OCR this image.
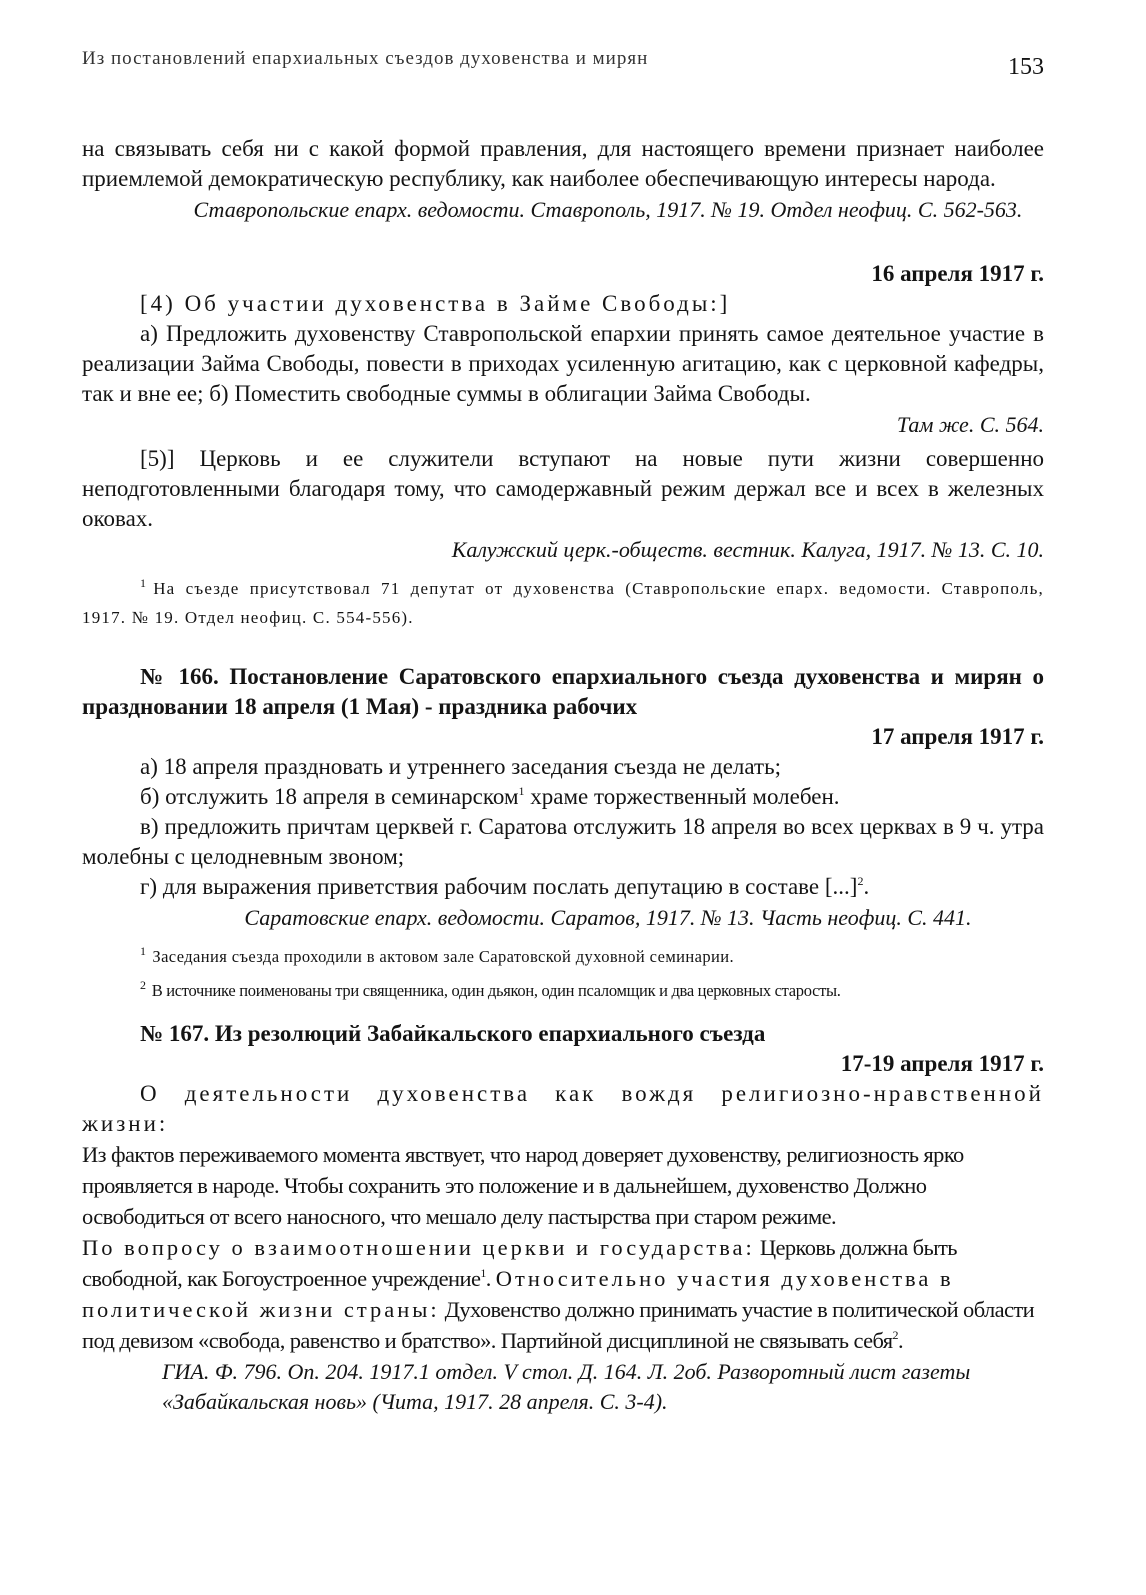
Из постановлений епархиальных съездов духовенства и мирян	153

на связывать себя ни с какой формой правления, для настоящего времени признает наиболее приемлемой демократическую республику, как наиболее обеспечивающую интересы народа.

Ставропольские епарх. ведомости. Ставрополь, 1917. № 19. Отдел неофиц. С. 562-563.
16 апреля 1917 г.

[4) Об участии духовенства в Займе Свободы:]

а) Предложить духовенству Ставропольской епархии принять самое деятельное участие в реализации Займа Свободы, повести в приходах усиленную агитацию, как с церковной кафедры, так и вне ее; б) Поместить свободные суммы в облигации Займа Свободы.

Там же. С. 564.

[5)] Церковь и ее служители вступают на новые пути жизни совершенно неподготовленными благодаря тому, что самодержавный режим держал все и всех в железных оковах.

Калужский церк.-обществ. вестник. Калуга, 1917. № 13. С. 10.
$^1$ На съезде присутствовал 71 депутат от духовенства (Ставропольские епарх. ведомости. Ставрополь, 1917. № 19. Отдел неофиц. С. 554-556).
№ 166. Постановление Саратовского епархиального съезда духовенства и мирян о праздновании 18 апреля (1 Мая) - праздника рабочих
17 апреля 1917 г.

а) 18 апреля праздновать и утреннего заседания съезда не делать;

б) отслужить 18 апреля в семинарском$^1$ храме торжественный молебен.

в) предложить причтам церквей г. Саратова отслужить 18 апреля во всех церквах в 9 ч. утра молебны с целодневным звоном;

г) для выражения приветствия рабочим послать депутацию в составе [...]$^2$.

Саратовские епарх. ведомости. Саратов, 1917. № 13. Часть неофиц. С. 441.
$^1$ Заседания съезда проходили в актовом зале Саратовской духовной семинарии.
$^2$ В источнике поименованы три священника, один дьякон, один псаломщик и два церковных старосты.
№ 167. Из резолюций Забайкальского епархиального съезда
17-19 апреля 1917 г.

О деятельности духовенства как вождя религиозно-нравственной жизни:

Из фактов переживаемого момента явствует, что народ доверяет духовенству, религиозность ярко проявляется в народе. Чтобы сохранить это положение и в дальнейшем, духовенство Должно освободиться от всего наносного, что мешало делу пастырства при старом режиме.

По вопросу о взаимоотношении церкви и государства: Церковь должна быть свободной, как Богоустроенное учреждение$^1$. Относительно участия духовенства в политической жизни страны: Духовенство должно принимать участие в политической области под девизом «свобода, равенство и братство». Партийной дисциплиной не связывать себя$^2$.

ГИА. Ф. 796. Оп. 204. 1917.1 отдел. V стол. Д. 164. Л. 2об. Разворотный лист газеты «Забайкальская новь» (Чита, 1917. 28 апреля. С. 3-4).
